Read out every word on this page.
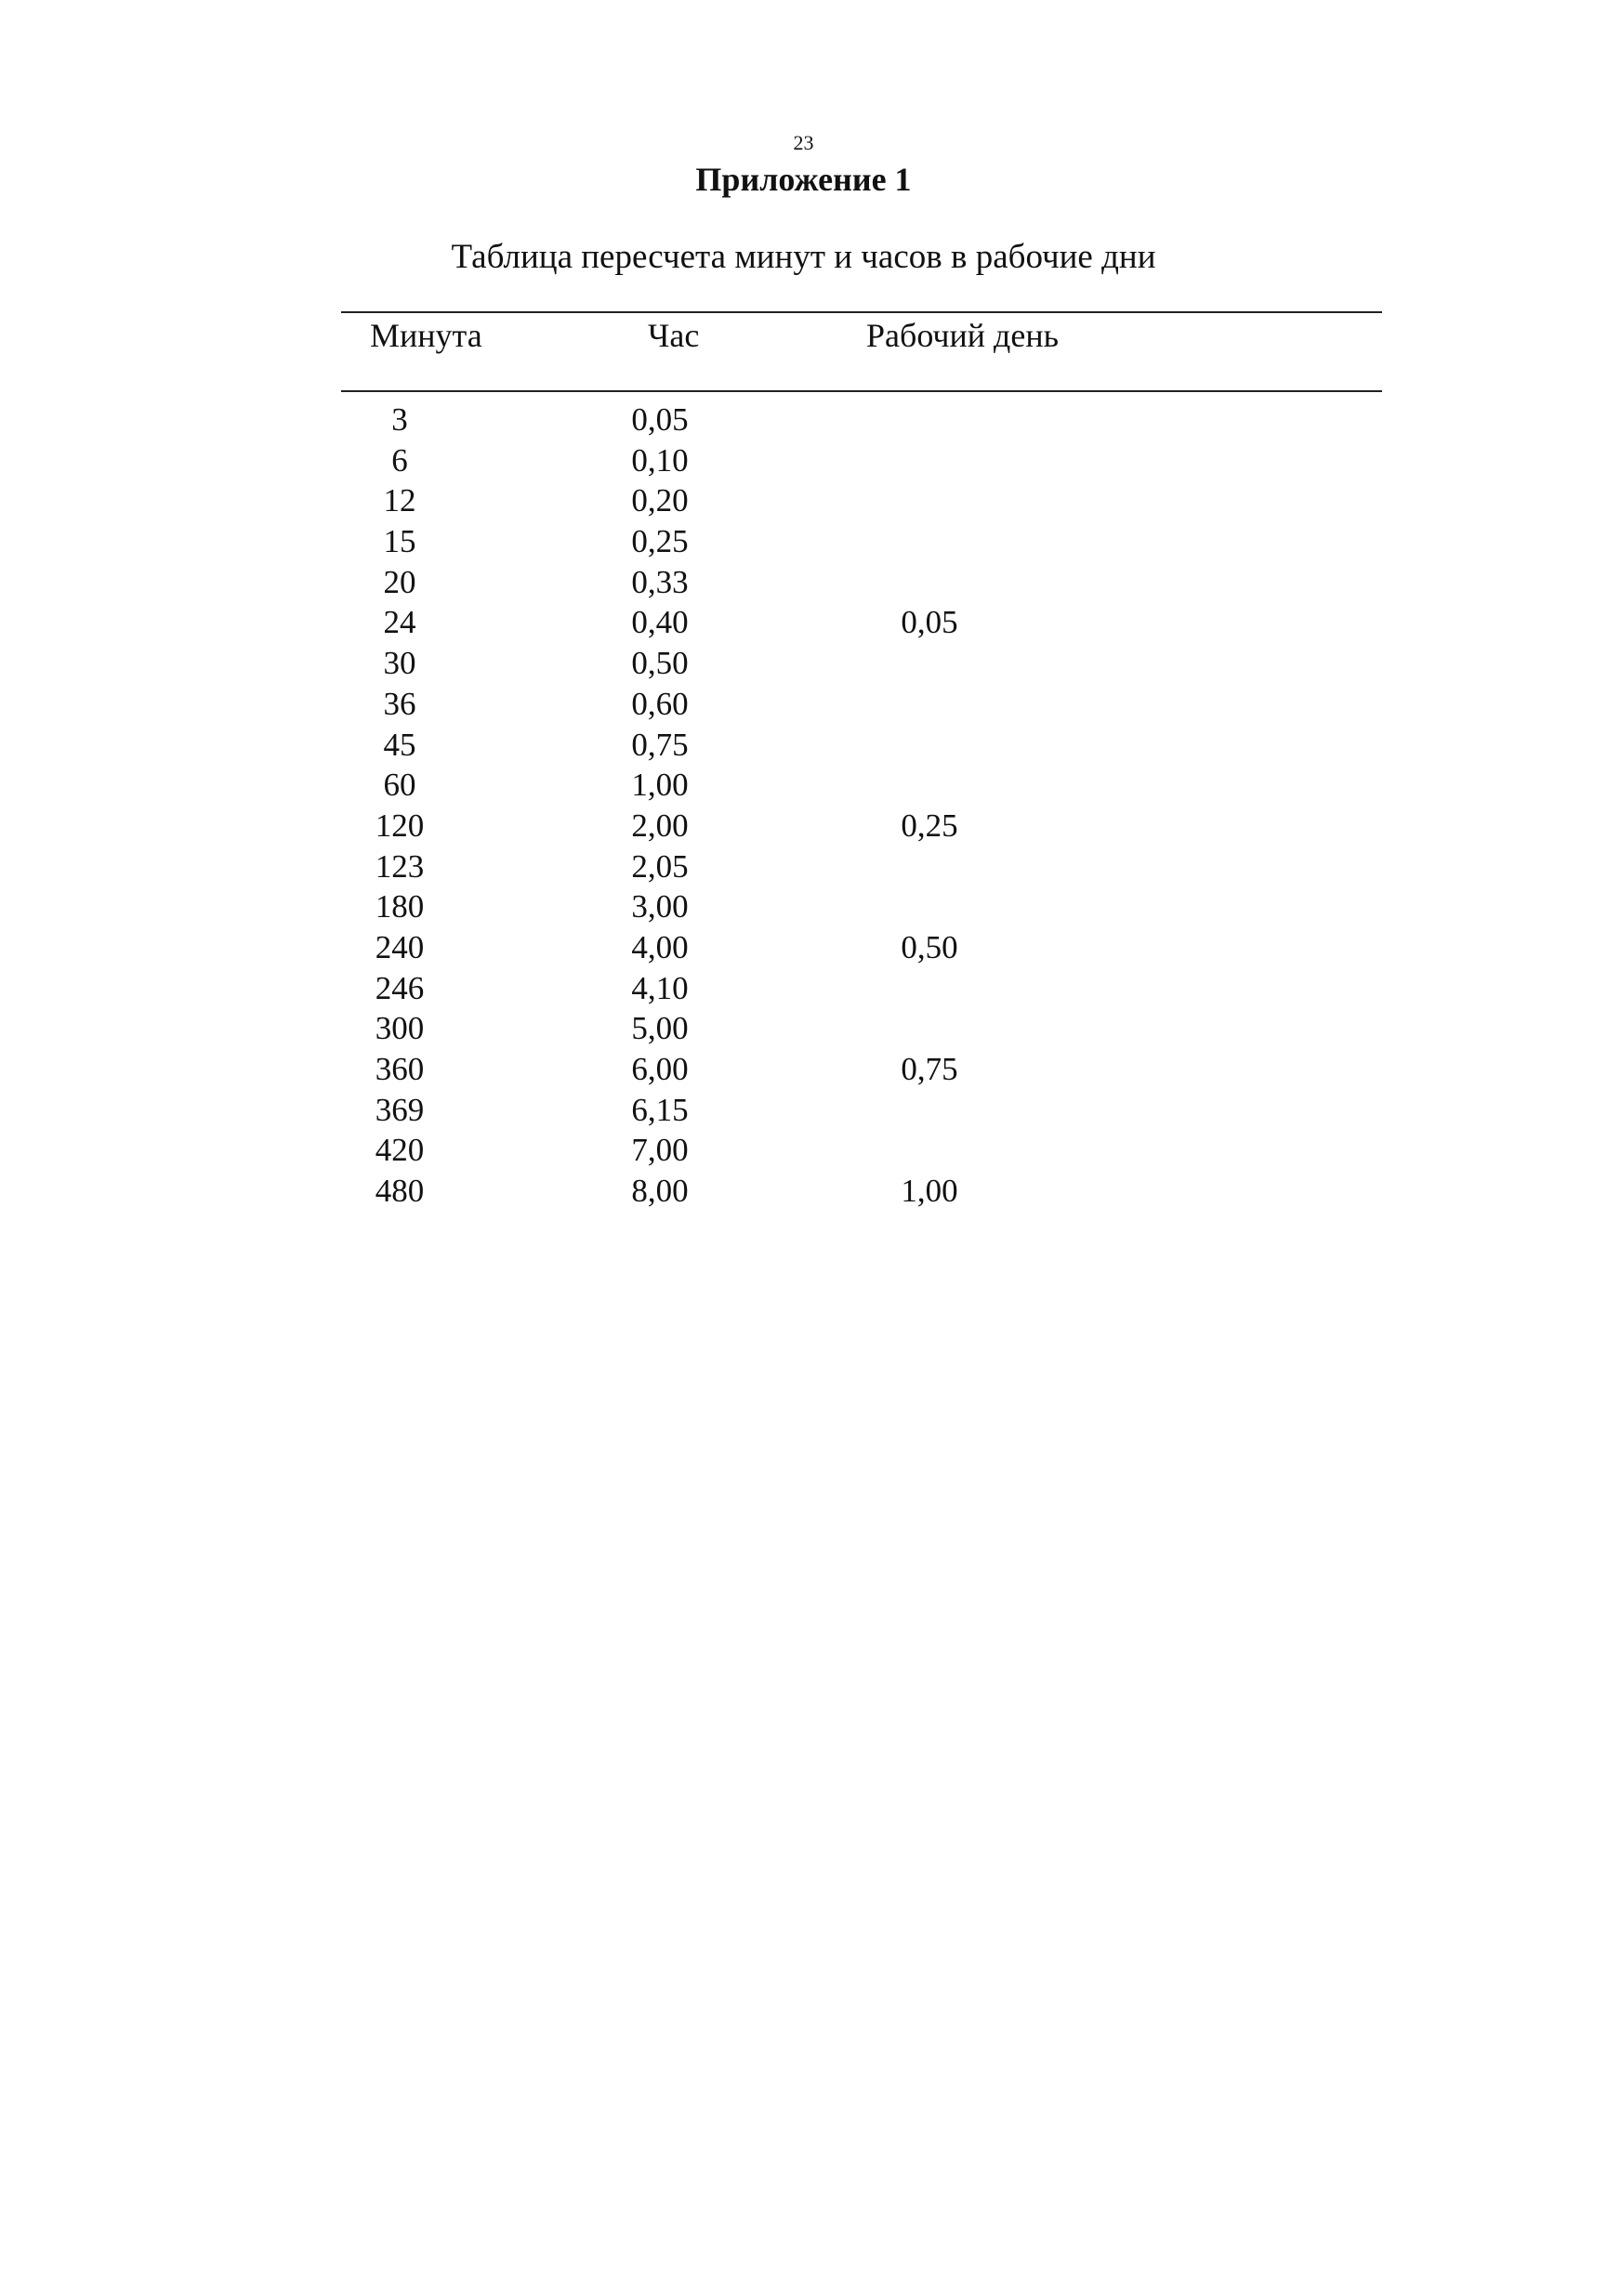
23
Приложение 1
Таблица пересчета минут и часов в рабочие дни
Минута	Час	Рабочий день
3	0,05
6	0,10
12	0,20
15	0,25
20	0,33
24	0,40	0,05
30	0,50
36	0,60
45	0,75
60	1,00
120	2,00	0,25
123	2,05
180	3,00
240	4,00	0,50
246	4,10
300	5,00
360	6,00	0,75
369	6,15
420	7,00
480	8,00	1,00
